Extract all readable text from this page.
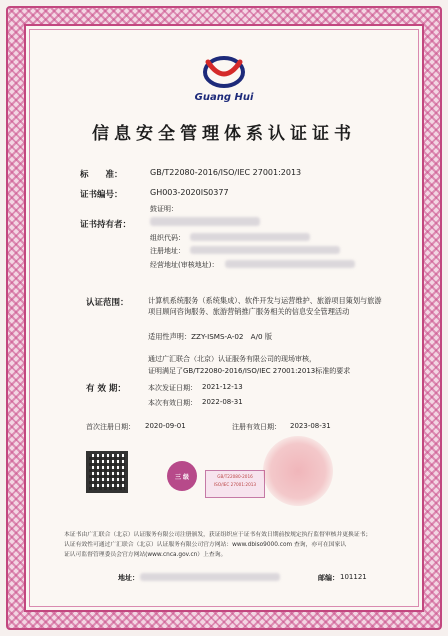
Guang Hui
信息安全管理体系认证证书
标　　准：	GB/T22080-2016/ISO/IEC 27001:2013
证书编号：	GH003-2020IS0377
鼓证明：
证书持有者：
组织代码：
注册地址：
经营地址(审核地址)：
认证范围：	计算机系统服务（系统集成）、软件开发与运营维护、旅游项目策划与旅游项目顾问咨询服务、旅游营销推广服务相关的信息安全管理活动
适用性声明：ZZY-ISMS-A-02　A/0 版
通过广汇联合（北京）认证服务有限公司的现场审核，
证明满足了GB/T22080-2016/ISO/IEC 27001:2013标准的要求
有 效 期：	本次发证日期： 2021-12-13
本次有效日期： 2022-08-31
首次注册日期： 2020-09-01	注册有效日期： 2023-08-31
三 级	GB/T22080-2016
ISO/IEC 27001:2013
本证书由广汇联合（北京）认证服务有限公司注册颁发，获证组织应于证书有效日期前按规定执行监督审核并更换证书；
认证有效性可通过广汇联合（北京）认证服务有限公司官方网站：www.dbiso9000.com 查询，亦可在国家认
证认可监督管理委员会官方网站(www.cnca.gov.cn）上查询。
地址：	邮编： 101121
